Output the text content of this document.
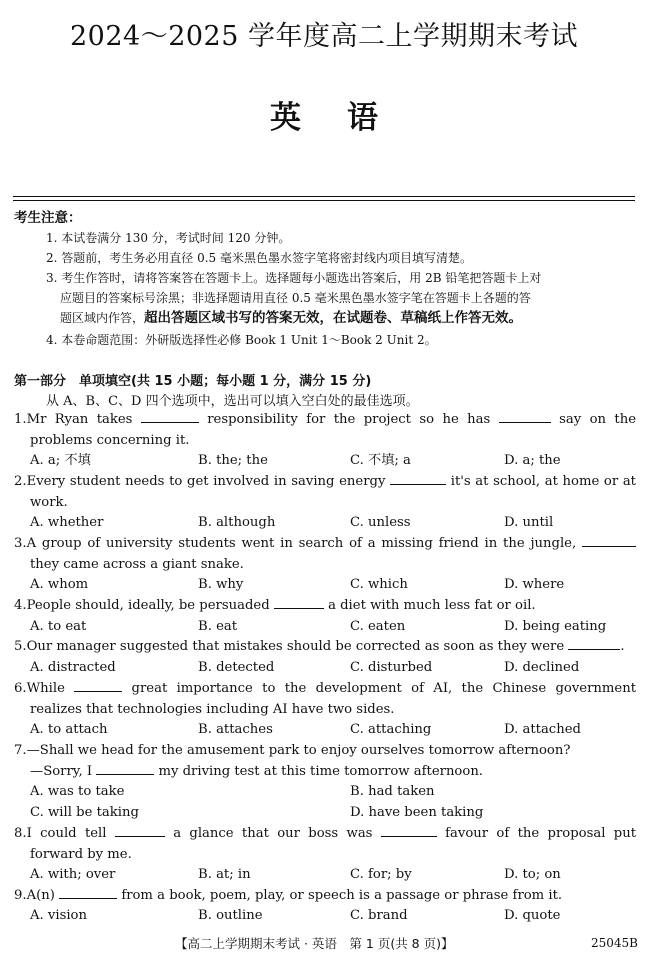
2024～2025 学年度高二上学期期末考试
英语
考生注意：
1. 本试卷满分 130 分，考试时间 120 分钟。
2. 答题前，考生务必用直径 0.5 毫米黑色墨水签字笔将密封线内项目填写清楚。
3. 考生作答时，请将答案答在答题卡上。选择题每小题选出答案后，用 2B 铅笔把答题卡上对
应题目的答案标号涂黑；非选择题请用直径 0.5 毫米黑色墨水签字笔在答题卡上各题的答
题区域内作答，超出答题区域书写的答案无效，在试题卷、草稿纸上作答无效。
4. 本卷命题范围：外研版选择性必修 Book 1 Unit 1～Book 2 Unit 2。
第一部分　单项填空(共 15 小题；每小题 1 分，满分 15 分)
从 A、B、C、D 四个选项中，选出可以填入空白处的最佳选项。
1.Mr Ryan takes	responsibility for the project so he has	say on the
problems concerning it.
A. a; 不填	B. the; the	C. 不填; a	D. a; the
2.Every student needs to get involved in saving energy	it's at school, at home or at
work.
A. whether	B. although	C. unless	D. until
3.A group of university students went in search of a missing friend in the jungle,
they came across a giant snake.
A. whom	B. why	C. which	D. where
4.People should, ideally, be persuaded	a diet with much less fat or oil.
A. to eat	B. eat	C. eaten	D. being eating
5.Our manager suggested that mistakes should be corrected as soon as they were	.
A. distracted	B. detected	C. disturbed	D. declined
6.While	great importance to the development of AI, the Chinese government
realizes that technologies including AI have two sides.
A. to attach	B. attaches	C. attaching	D. attached
7.—Shall we head for the amusement park to enjoy ourselves tomorrow afternoon?
—Sorry, I	my driving test at this time tomorrow afternoon.
A. was to take	B. had taken
C. will be taking	D. have been taking
8.I could tell	a glance that our boss was	favour of the proposal put
forward by me.
A. with; over	B. at; in	C. for; by	D. to; on
9.A(n)	from a book, poem, play, or speech is a passage or phrase from it.
A. vision	B. outline	C. brand	D. quote
【高二上学期期末考试 · 英语　第 1 页(共 8 页)】	25045B
